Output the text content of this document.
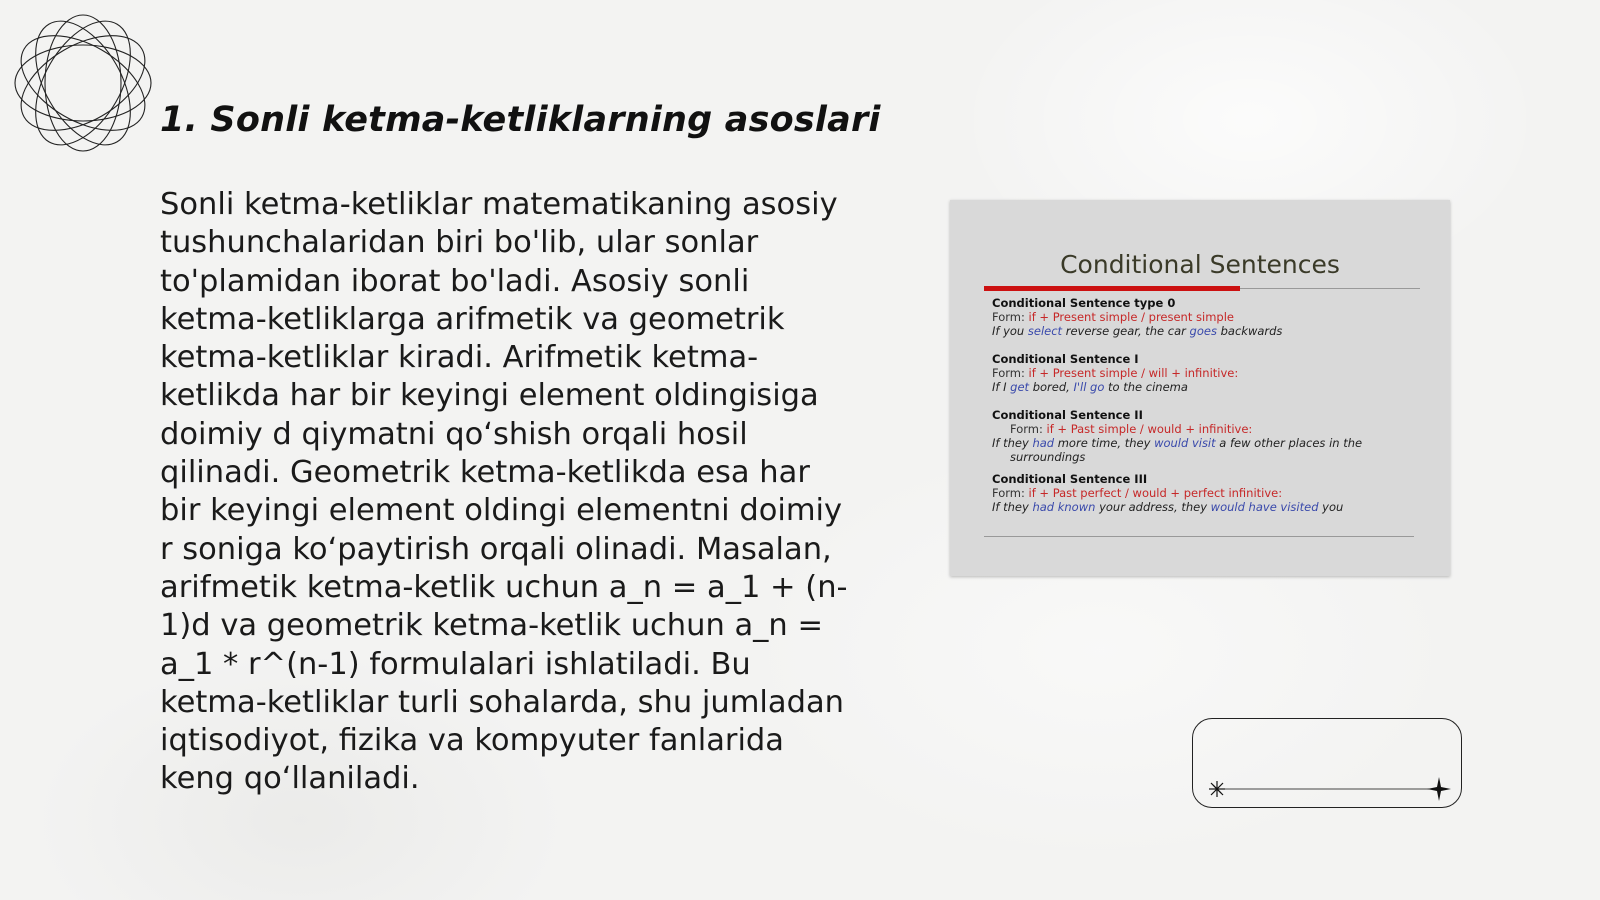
1. Sonli ketma-ketliklarning asoslari
Sonli ketma-ketliklar matematikaning asosiy tushunchalaridan biri bo'lib, ular sonlar to'plamidan iborat bo'ladi. Asosiy sonli ketma-ketliklarga arifmetik va geometrik ketma-ketliklar kiradi. Arifmetik ketma-ketlikda har bir keyingi element oldingisiga doimiy d qiymatni qo‘shish orqali hosil qilinadi. Geometrik ketma-ketlikda esa har bir keyingi element oldingi elementni doimiy r soniga ko‘paytirish orqali olinadi. Masalan, arifmetik ketma-ketlik uchun a_n = a_1 + (n-1)d va geometrik ketma-ketlik uchun a_n = a_1 * r^(n-1) formulalari ishlatiladi. Bu ketma-ketliklar turli sohalarda, shu jumladan iqtisodiyot, fizika va kompyuter fanlarida keng qo‘llaniladi.
Conditional Sentences
Conditional Sentence type 0
Form: if + Present simple / present simple
If you select reverse gear, the car goes backwards
Conditional Sentence I
Form: if + Present simple / will + infinitive:
If I get bored, I'll go to the cinema
Conditional Sentence II
Form: if + Past simple / would + infinitive:
If they had more time, they would visit a few other places in the
surroundings
Conditional Sentence III
Form: if + Past perfect / would + perfect infinitive:
If they had known your address, they would have visited you
